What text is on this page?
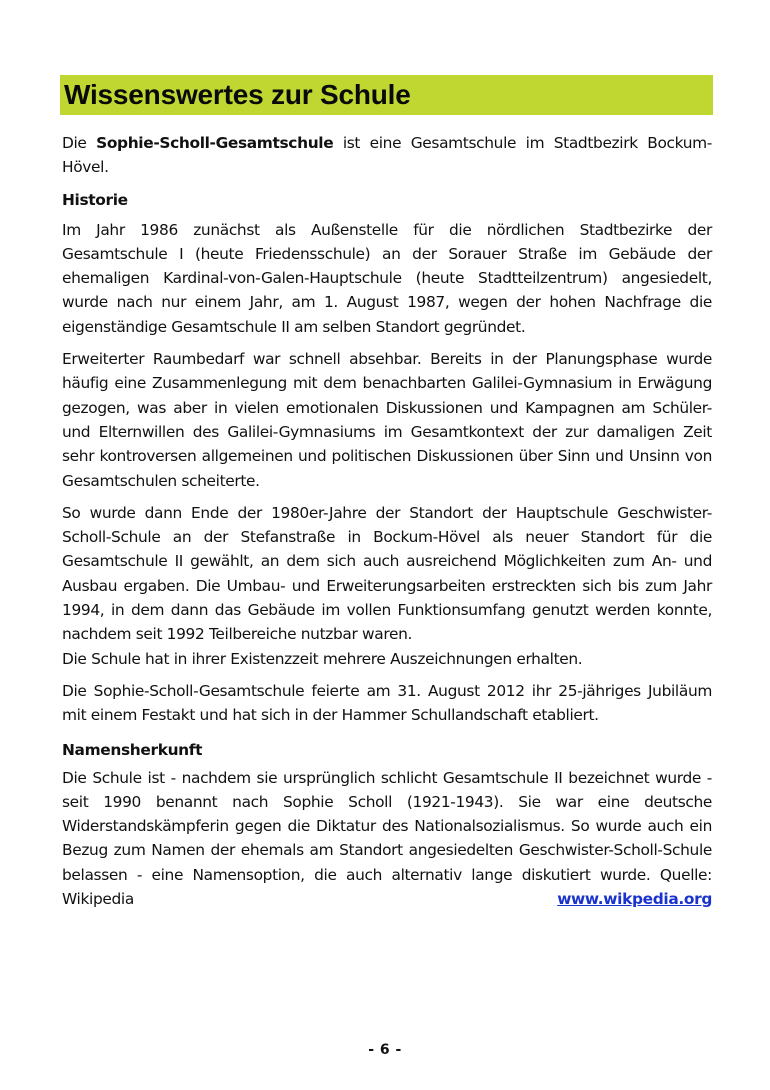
Wissenswertes zur Schule

Die Sophie-Scholl-Gesamtschule ist eine Gesamtschule im Stadtbezirk Bockum-Hövel.

Historie

Im Jahr 1986 zunächst als Außenstelle für die nördlichen Stadtbezirke der Gesamtschule I (heute Friedensschule) an der Sorauer Straße im Gebäude der ehemaligen Kardinal-von-Galen-Hauptschule (heute Stadtteilzentrum) angesiedelt, wurde nach nur einem Jahr, am 1. August 1987, wegen der hohen Nachfrage die eigenständige Gesamtschule II am selben Standort gegründet.

Erweiterter Raumbedarf war schnell absehbar. Bereits in der Planungsphase wurde häufig eine Zusammenlegung mit dem benachbarten Galilei-Gymnasium in Erwägung gezogen, was aber in vielen emotionalen Diskussionen und Kampagnen am Schüler- und Elternwillen des Galilei-Gymnasiums im Gesamtkontext der zur damaligen Zeit sehr kontroversen allgemeinen und politischen Diskussionen über Sinn und Unsinn von Gesamtschulen scheiterte.

So wurde dann Ende der 1980er-Jahre der Standort der Hauptschule Geschwister-Scholl-Schule an der Stefanstraße in Bockum-Hövel als neuer Standort für die Gesamtschule II gewählt, an dem sich auch ausreichend Möglichkeiten zum An- und Ausbau ergaben. Die Umbau- und Erweiterungsarbeiten erstreckten sich bis zum Jahr 1994, in dem dann das Gebäude im vollen Funktionsumfang genutzt werden konnte, nachdem seit 1992 Teilbereiche nutzbar waren.

Die Schule hat in ihrer Existenzzeit mehrere Auszeichnungen erhalten.

Die Sophie-Scholl-Gesamtschule feierte am 31. August 2012 ihr 25-jähriges Jubiläum mit einem Festakt und hat sich in der Hammer Schullandschaft etabliert.

Namensherkunft

Die Schule ist - nachdem sie ursprünglich schlicht Gesamtschule II bezeichnet wurde - seit 1990 benannt nach Sophie Scholl (1921-1943). Sie war eine deutsche Widerstandskämpferin gegen die Diktatur des Nationalsozialismus. So wurde auch ein Bezug zum Namen der ehemals am Standort angesiedelten Geschwister-Scholl-Schule belassen - eine Namensoption, die auch alternativ lange diskutiert wurde. Quelle: Wikipedia www.wikpedia.org

- 6 -
